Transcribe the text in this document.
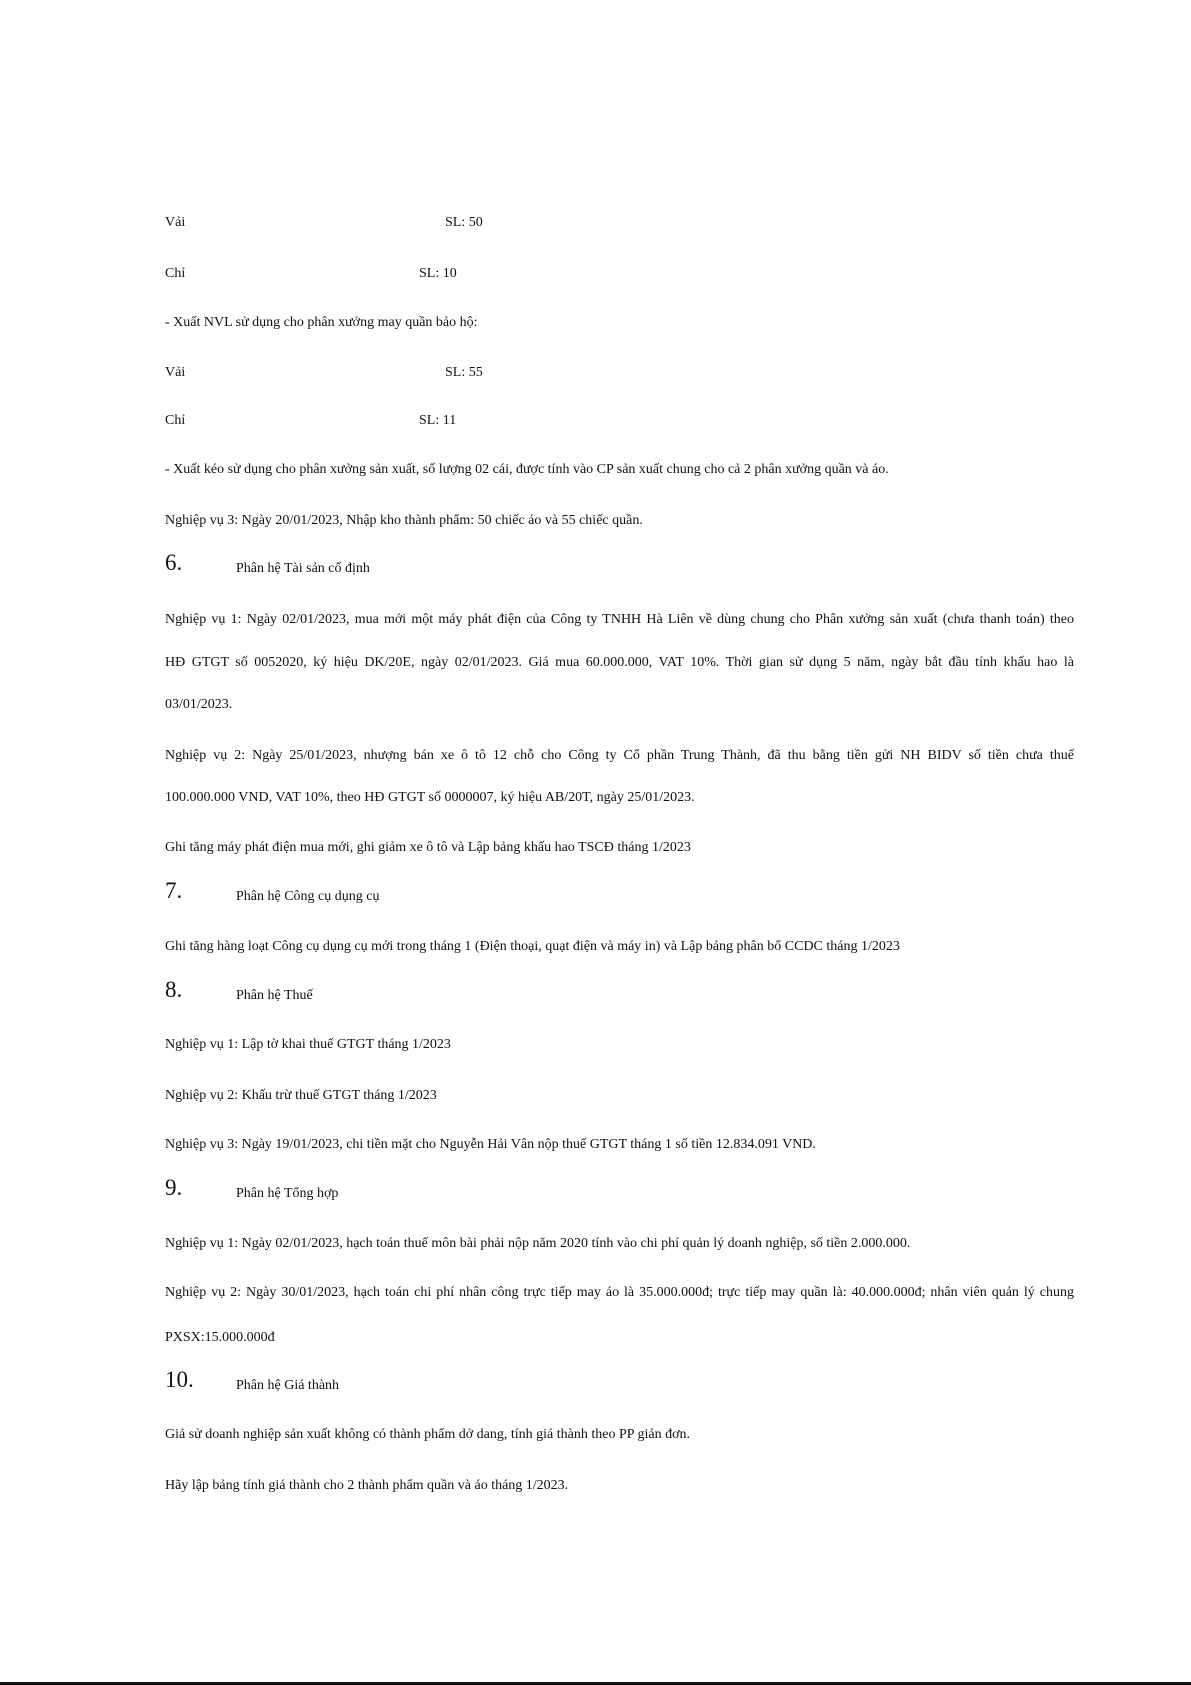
Vải	SL: 50
Chỉ	SL: 10
- Xuất NVL sử dụng cho phân xưởng may quần bảo hộ:
Vải	SL: 55
Chỉ	SL: 11
- Xuất kéo sử dụng cho phân xưởng sản xuất, số lượng 02 cái, được tính vào CP sản xuất chung cho cả 2 phân xưởng quần và áo.
Nghiệp vụ 3: Ngày 20/01/2023, Nhập kho thành phẩm: 50 chiếc áo và 55 chiếc quần.
6.	Phân hệ Tài sản cố định
Nghiệp vụ 1: Ngày 02/01/2023, mua mới một máy phát điện của Công ty TNHH Hà Liên về dùng chung cho Phân xưởng sản xuất (chưa thanh toán) theo
HĐ GTGT số 0052020, ký hiệu DK/20E, ngày 02/01/2023. Giá mua 60.000.000, VAT 10%. Thời gian sử dụng 5 năm, ngày bắt đầu tính khấu hao là
03/01/2023.
Nghiệp vụ 2: Ngày 25/01/2023, nhượng bán xe ô tô 12 chỗ cho Công ty Cổ phần Trung Thành, đã thu bằng tiền gửi NH BIDV số tiền chưa thuế
100.000.000 VND, VAT 10%, theo HĐ GTGT số 0000007, ký hiệu AB/20T, ngày 25/01/2023.
Ghi tăng máy phát điện mua mới, ghi giảm xe ô tô và Lập bảng khấu hao TSCĐ tháng 1/2023
7.	Phân hệ Công cụ dụng cụ
Ghi tăng hàng loạt Công cụ dụng cụ mới trong tháng 1 (Điện thoại, quạt điện và máy in) và Lập bảng phân bổ CCDC tháng 1/2023
8.	Phân hệ Thuế
Nghiệp vụ 1: Lập tờ khai thuế GTGT tháng 1/2023
Nghiệp vụ 2: Khấu trừ thuế GTGT tháng 1/2023
Nghiệp vụ 3: Ngày 19/01/2023, chi tiền mặt cho Nguyễn Hải Vân nộp thuế GTGT tháng 1 số tiền 12.834.091 VND.
9.	Phân hệ Tổng hợp
Nghiệp vụ 1: Ngày 02/01/2023, hạch toán thuế môn bài phải nộp năm 2020 tính vào chi phí quản lý doanh nghiệp, số tiền 2.000.000.
Nghiệp vụ 2: Ngày 30/01/2023, hạch toán chi phí nhân công trực tiếp may áo là 35.000.000đ; trực tiếp may quần là: 40.000.000đ; nhân viên quản lý chung
PXSX:15.000.000đ
10.	Phân hệ Giá thành
Giả sử doanh nghiệp sản xuất không có thành phẩm dở dang, tính giá thành theo PP giản đơn.
Hãy lập bảng tính giá thành cho 2 thành phẩm quần và áo tháng 1/2023.
